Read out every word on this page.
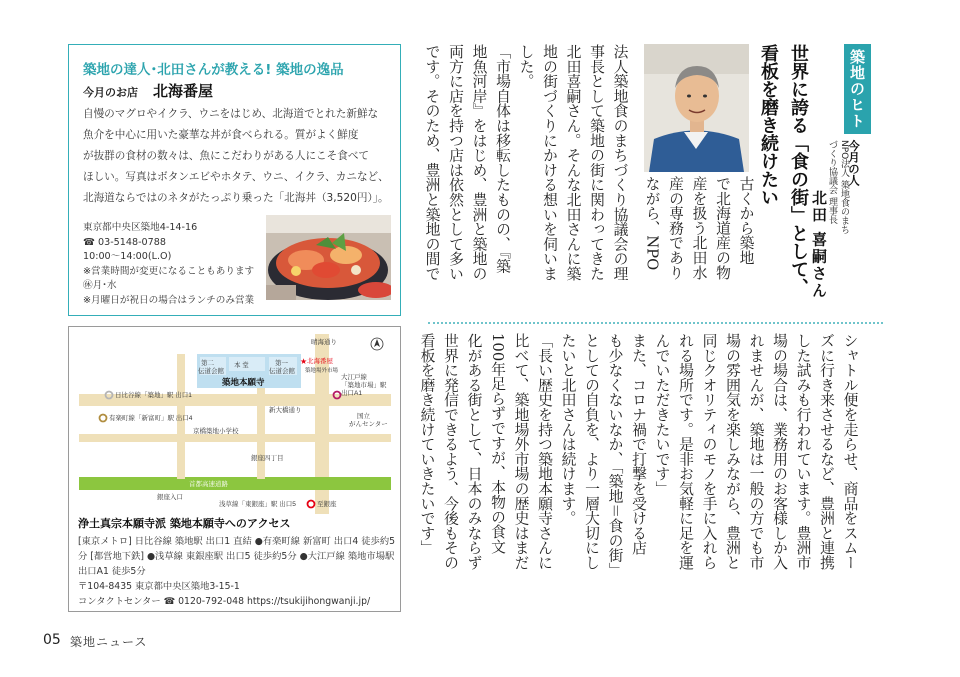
築地の達人･北田さんが教える! 築地の逸品
今月のお店 北海番屋
自慢のマグロやイクラ、ウニをはじめ、北海道でとれた新鮮な
魚介を中心に用いた豪華な丼が食べられる。質がよく鮮度
が抜群の食材の数々は、魚にこだわりがある人にこそ食べて
ほしい。写真はボタンエビやホタテ、ウニ、イクラ、カニなど、
北海道ならではのネタがたっぷり乗った「北海丼（3,520円）」。
東京都中央区築地4-14-16
☎ 03-5148-0788
10:00～14:00(L.O)
※営業時間が変更になることもあります
㊡月･水
※月曜日が祝日の場合はランチのみ営業
晴海通り
北海番屋
大江戸線
「築地市場」駅
出口A1
第二
伝道会館
本 堂	第一
伝道会館
築地本願寺
築地場外市場
日比谷線「築地」駅 出口1
新大橋通り
有楽町線「新富町」駅 出口4
京橋築地小学校
国立
がんセンター
銀座四丁目
首都高速道路
銀座入口
浅草線「東銀座」駅 出口5	至銀座
★
浄土真宗本願寺派 築地本願寺へのアクセス
[東京メトロ] 日比谷線 築地駅 出口1 直結 ●有楽町線 新富町 出口4 徒歩約5
分 [都営地下鉄] ●浅草線 東銀座駅 出口5 徒歩約5分 ●大江戸線 築地市場駅
出口A1 徒歩5分
〒104-8435 東京都中央区築地3-15-1
コンタクトセンター ☎ 0120-792-048 https://tsukijihongwanji.jp/
築地のヒト
今月の人
NPO法人 築地食のまち
づくり協議会 理事長
北田 喜嗣さん
世界に誇る「食の街」として、
看板を磨き続けたい
古くから築地
で北海道産の物
産を扱う北田水
産の専務であり
ながら、NPO
法人築地食のまちづくり協議会の理
事長として築地の街に関わってきた
北田喜嗣さん。そんな北田さんに築
地の街づくりにかける想いを伺いま
した。
「市場自体は移転したものの、『築
地魚河岸』をはじめ、豊洲と築地の
両方に店を持つ店は依然として多い
です。そのため、豊洲と築地の間で
シャトル便を走らせ、商品をスムー
ズに行き来させるなど、豊洲と連携
した試みも行われています。豊洲市
場の場合は、業務用のお客様しか入
れませんが、築地は一般の方でも市
場の雰囲気を楽しみながら、豊洲と
同じクオリティのモノを手に入れら
れる場所です。是非お気軽に足を運
んでいただきたいです」
また、コロナ禍で打撃を受ける店
も少なくないなか、「築地＝食の街」
としての自負を、より一層大切にし
たいと北田さんは続けます。
「長い歴史を持つ築地本願寺さんに
比べて、築地場外市場の歴史はまだ
100年足らずですが、本物の食文
化がある街として、日本のみならず
世界に発信できるよう、今後もその
看板を磨き続けていきたいです」
05 築地ニュース
